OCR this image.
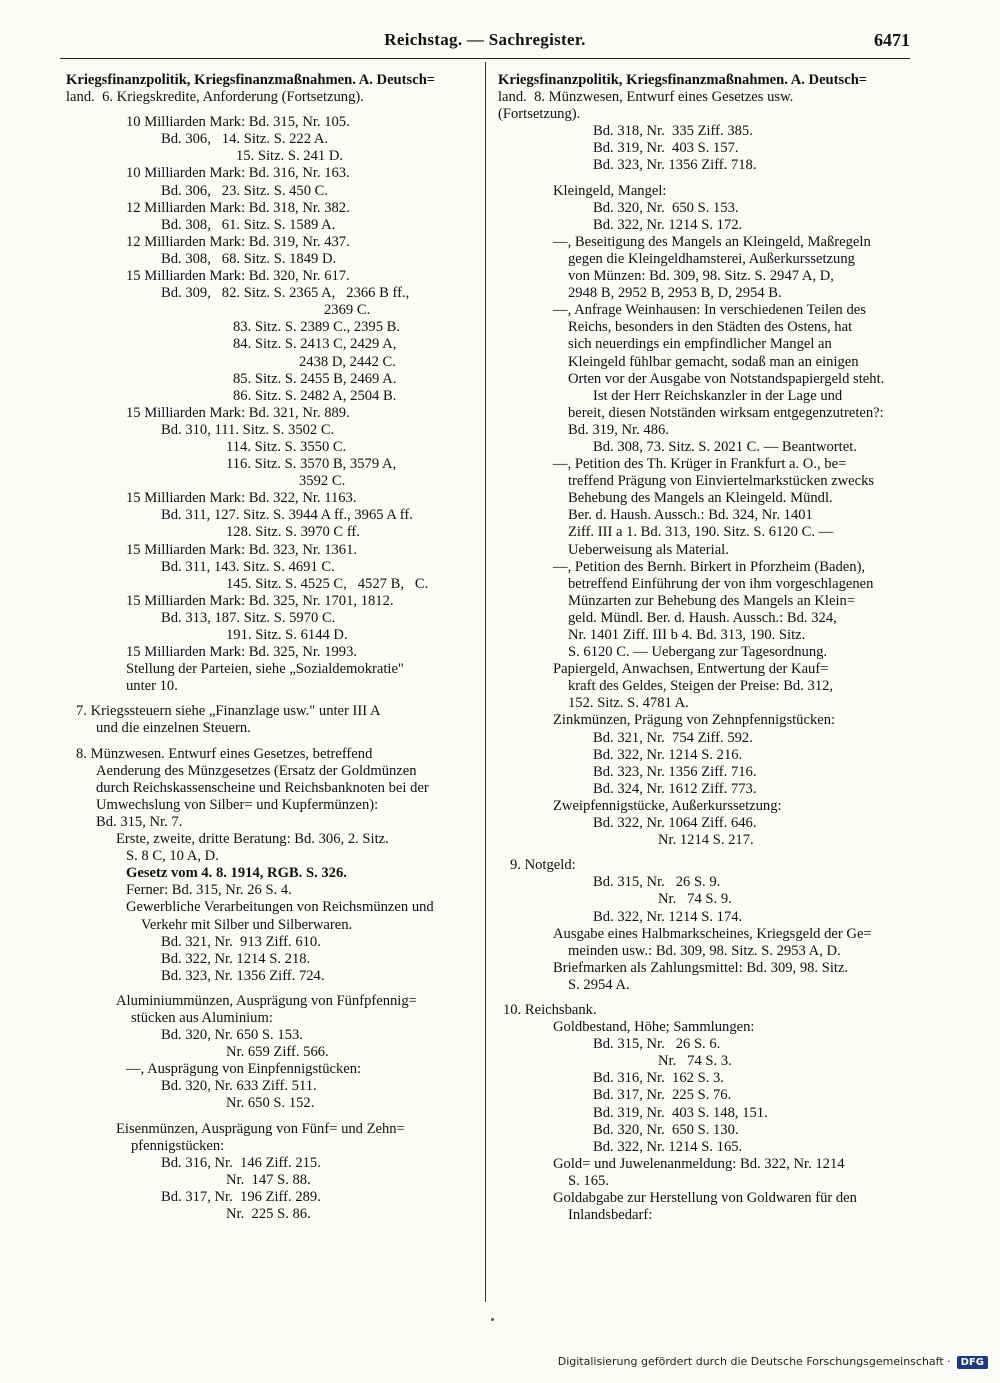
Reichstag. — Sachregister.	6471
Kriegsfinanzpolitik, Kriegsfinanzmaßnahmen. A. Deutsch=
land.  6. Kriegskredite, Anforderung (Fortsetzung).
10 Milliarden Mark: Bd. 315, Nr. 105.
Bd. 306,   14. Sitz. S. 222 A.
15. Sitz. S. 241 D.
10 Milliarden Mark: Bd. 316, Nr. 163.
Bd. 306,   23. Sitz. S. 450 C.
12 Milliarden Mark: Bd. 318, Nr. 382.
Bd. 308,   61. Sitz. S. 1589 A.
12 Milliarden Mark: Bd. 319, Nr. 437.
Bd. 308,   68. Sitz. S. 1849 D.
15 Milliarden Mark: Bd. 320, Nr. 617.
Bd. 309,   82. Sitz. S. 2365 A,   2366 B ff.,
2369 C.
83. Sitz. S. 2389 C., 2395 B.
84. Sitz. S. 2413 C, 2429 A,
2438 D, 2442 C.
85. Sitz. S. 2455 B, 2469 A.
86. Sitz. S. 2482 A, 2504 B.
15 Milliarden Mark: Bd. 321, Nr. 889.
Bd. 310, 111. Sitz. S. 3502 C.
114. Sitz. S. 3550 C.
116. Sitz. S. 3570 B, 3579 A,
3592 C.
15 Milliarden Mark: Bd. 322, Nr. 1163.
Bd. 311, 127. Sitz. S. 3944 A ff., 3965 A ff.
128. Sitz. S. 3970 C ff.
15 Milliarden Mark: Bd. 323, Nr. 1361.
Bd. 311, 143. Sitz. S. 4691 C.
145. Sitz. S. 4525 C,   4527 B,   C.
15 Milliarden Mark: Bd. 325, Nr. 1701, 1812.
Bd. 313, 187. Sitz. S. 5970 C.
191. Sitz. S. 6144 D.
15 Milliarden Mark: Bd. 325, Nr. 1993.
Stellung der Parteien, siehe „Sozialdemokratie"
unter 10.
7. Kriegssteuern siehe „Finanzlage usw." unter III A
und die einzelnen Steuern.
8. Münzwesen. Entwurf eines Gesetzes, betreffend
Aenderung des Münzgesetzes (Ersatz der Goldmünzen
durch Reichskassenscheine und Reichsbanknoten bei der
Umwechslung von Silber= und Kupfermünzen):
Bd. 315, Nr. 7.
Erste, zweite, dritte Beratung: Bd. 306, 2. Sitz.
S. 8 C, 10 A, D.
Gesetz vom 4. 8. 1914, RGB. S. 326.
Ferner: Bd. 315, Nr. 26 S. 4.
Gewerbliche Verarbeitungen von Reichsmünzen und
Verkehr mit Silber und Silberwaren.
Bd. 321, Nr.  913 Ziff. 610.
Bd. 322, Nr. 1214 S. 218.
Bd. 323, Nr. 1356 Ziff. 724.
Aluminiummünzen, Ausprägung von Fünfpfennig=
stücken aus Aluminium:
Bd. 320, Nr. 650 S. 153.
Nr. 659 Ziff. 566.
—, Ausprägung von Einpfennigstücken:
Bd. 320, Nr. 633 Ziff. 511.
Nr. 650 S. 152.
Eisenmünzen, Ausprägung von Fünf= und Zehn=
pfennigstücken:
Bd. 316, Nr.  146 Ziff. 215.
Nr.  147 S. 88.
Bd. 317, Nr.  196 Ziff. 289.
Nr.  225 S. 86.
Kriegsfinanzpolitik, Kriegsfinanzmaßnahmen. A. Deutsch=
land.  8. Münzwesen, Entwurf eines Gesetzes usw.
(Fortsetzung).
Bd. 318, Nr.  335 Ziff. 385.
Bd. 319, Nr.  403 S. 157.
Bd. 323, Nr. 1356 Ziff. 718.
Kleingeld, Mangel:
Bd. 320, Nr.  650 S. 153.
Bd. 322, Nr. 1214 S. 172.
—, Beseitigung des Mangels an Kleingeld, Maßregeln
gegen die Kleingeldhamsterei, Außerkurssetzung
von Münzen: Bd. 309, 98. Sitz. S. 2947 A, D,
2948 B, 2952 B, 2953 B, D, 2954 B.
—, Anfrage Weinhausen: In verschiedenen Teilen des
Reichs, besonders in den Städten des Ostens, hat
sich neuerdings ein empfindlicher Mangel an
Kleingeld fühlbar gemacht, sodaß man an einigen
Orten vor der Ausgabe von Notstandspapiergeld steht.
Ist der Herr Reichskanzler in der Lage und
bereit, diesen Notständen wirksam entgegenzutreten?:
Bd. 319, Nr. 486.
Bd. 308, 73. Sitz. S. 2021 C. — Beantwortet.
—, Petition des Th. Krüger in Frankfurt a. O., be=
treffend Prägung von Einviertelmarkstücken zwecks
Behebung des Mangels an Kleingeld. Mündl.
Ber. d. Haush. Aussch.: Bd. 324, Nr. 1401
Ziff. III a 1. Bd. 313, 190. Sitz. S. 6120 C. —
Ueberweisung als Material.
—, Petition des Bernh. Birkert in Pforzheim (Baden),
betreffend Einführung der von ihm vorgeschlagenen
Münzarten zur Behebung des Mangels an Klein=
geld. Mündl. Ber. d. Haush. Aussch.: Bd. 324,
Nr. 1401 Ziff. III b 4. Bd. 313, 190. Sitz.
S. 6120 C. — Uebergang zur Tagesordnung.
Papiergeld, Anwachsen, Entwertung der Kauf=
kraft des Geldes, Steigen der Preise: Bd. 312,
152. Sitz. S. 4781 A.
Zinkmünzen, Prägung von Zehnpfennigstücken:
Bd. 321, Nr.  754 Ziff. 592.
Bd. 322, Nr. 1214 S. 216.
Bd. 323, Nr. 1356 Ziff. 716.
Bd. 324, Nr. 1612 Ziff. 773.
Zweipfennigstücke, Außerkurssetzung:
Bd. 322, Nr. 1064 Ziff. 646.
Nr. 1214 S. 217.
9. Notgeld:
Bd. 315, Nr.   26 S. 9.
Nr.   74 S. 9.
Bd. 322, Nr. 1214 S. 174.
Ausgabe eines Halbmarkscheines, Kriegsgeld der Ge=
meinden usw.: Bd. 309, 98. Sitz. S. 2953 A, D.
Briefmarken als Zahlungsmittel: Bd. 309, 98. Sitz.
S. 2954 A.
10. Reichsbank.
Goldbestand, Höhe; Sammlungen:
Bd. 315, Nr.   26 S. 6.
Nr.   74 S. 3.
Bd. 316, Nr.  162 S. 3.
Bd. 317, Nr.  225 S. 76.
Bd. 319, Nr.  403 S. 148, 151.
Bd. 320, Nr.  650 S. 130.
Bd. 322, Nr. 1214 S. 165.
Gold= und Juwelenanmeldung: Bd. 322, Nr. 1214
S. 165.
Goldabgabe zur Herstellung von Goldwaren für den
Inlandsbedarf:
Digitalisierung gefördert durch die Deutsche Forschungsgemeinschaft · DFG
